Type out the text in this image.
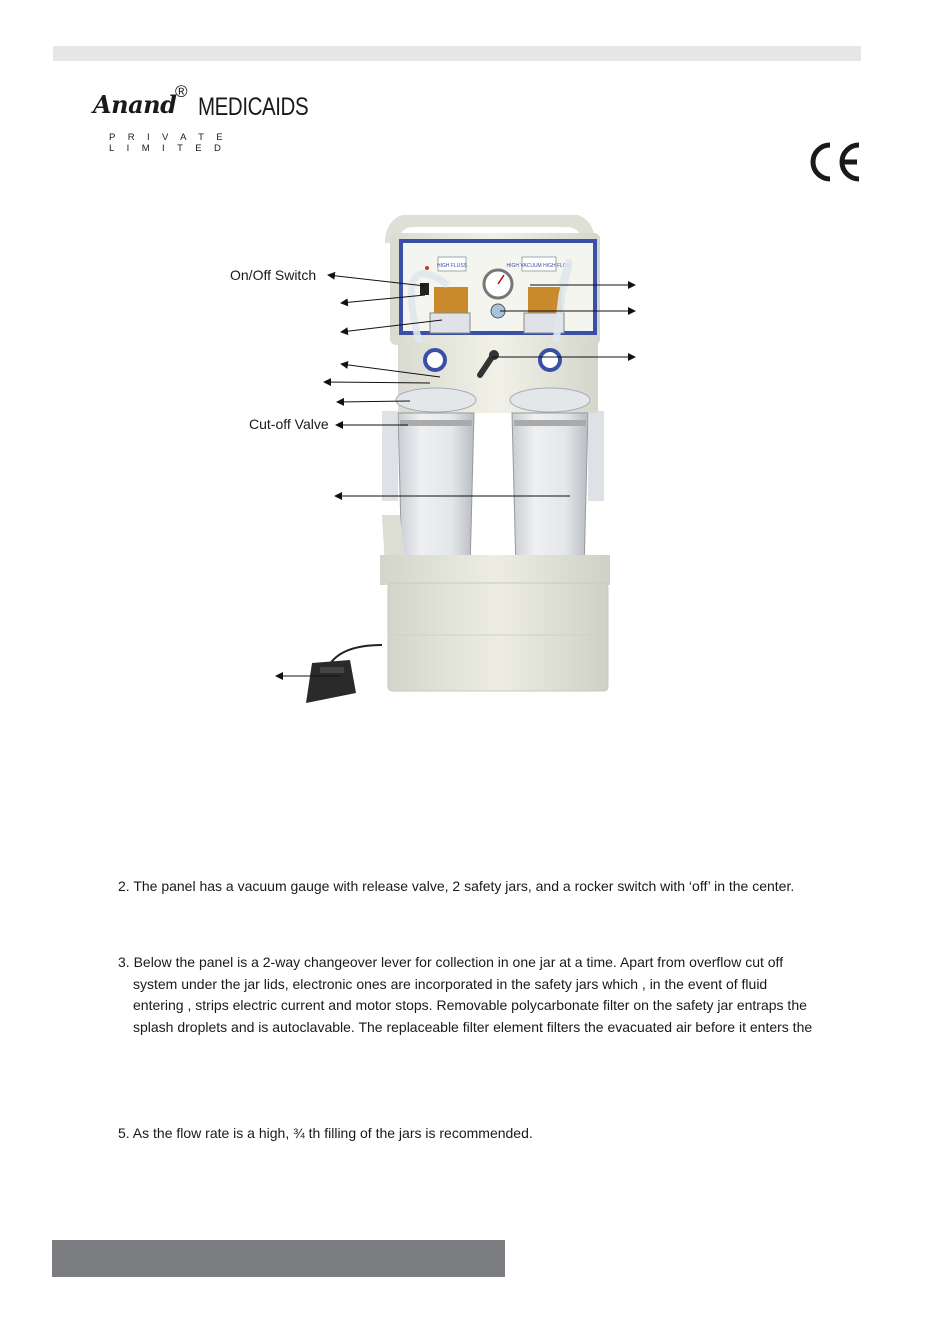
Anand
®
MEDICAIDS
PRIVATE LIMITED
HIGH FLUSS	HIGH VACUUM HIGH FLOW
On/Off Switch
Cut-off Valve
2. The panel has a vacuum gauge with release valve, 2 safety jars, and a rocker switch with ‘off’ in the center.
3. Below the panel is a 2-way changeover lever for collection in one jar at a time. Apart from overflow cut off
system under the jar lids, electronic ones are incorporated in the safety jars which , in the event of fluid
entering , strips electric current and motor stops. Removable polycarbonate filter on the safety jar entraps the
splash droplets and is autoclavable. The replaceable filter element filters the evacuated air before it enters the
5. As the flow rate is a high, ¾ th filling of the jars is recommended.
